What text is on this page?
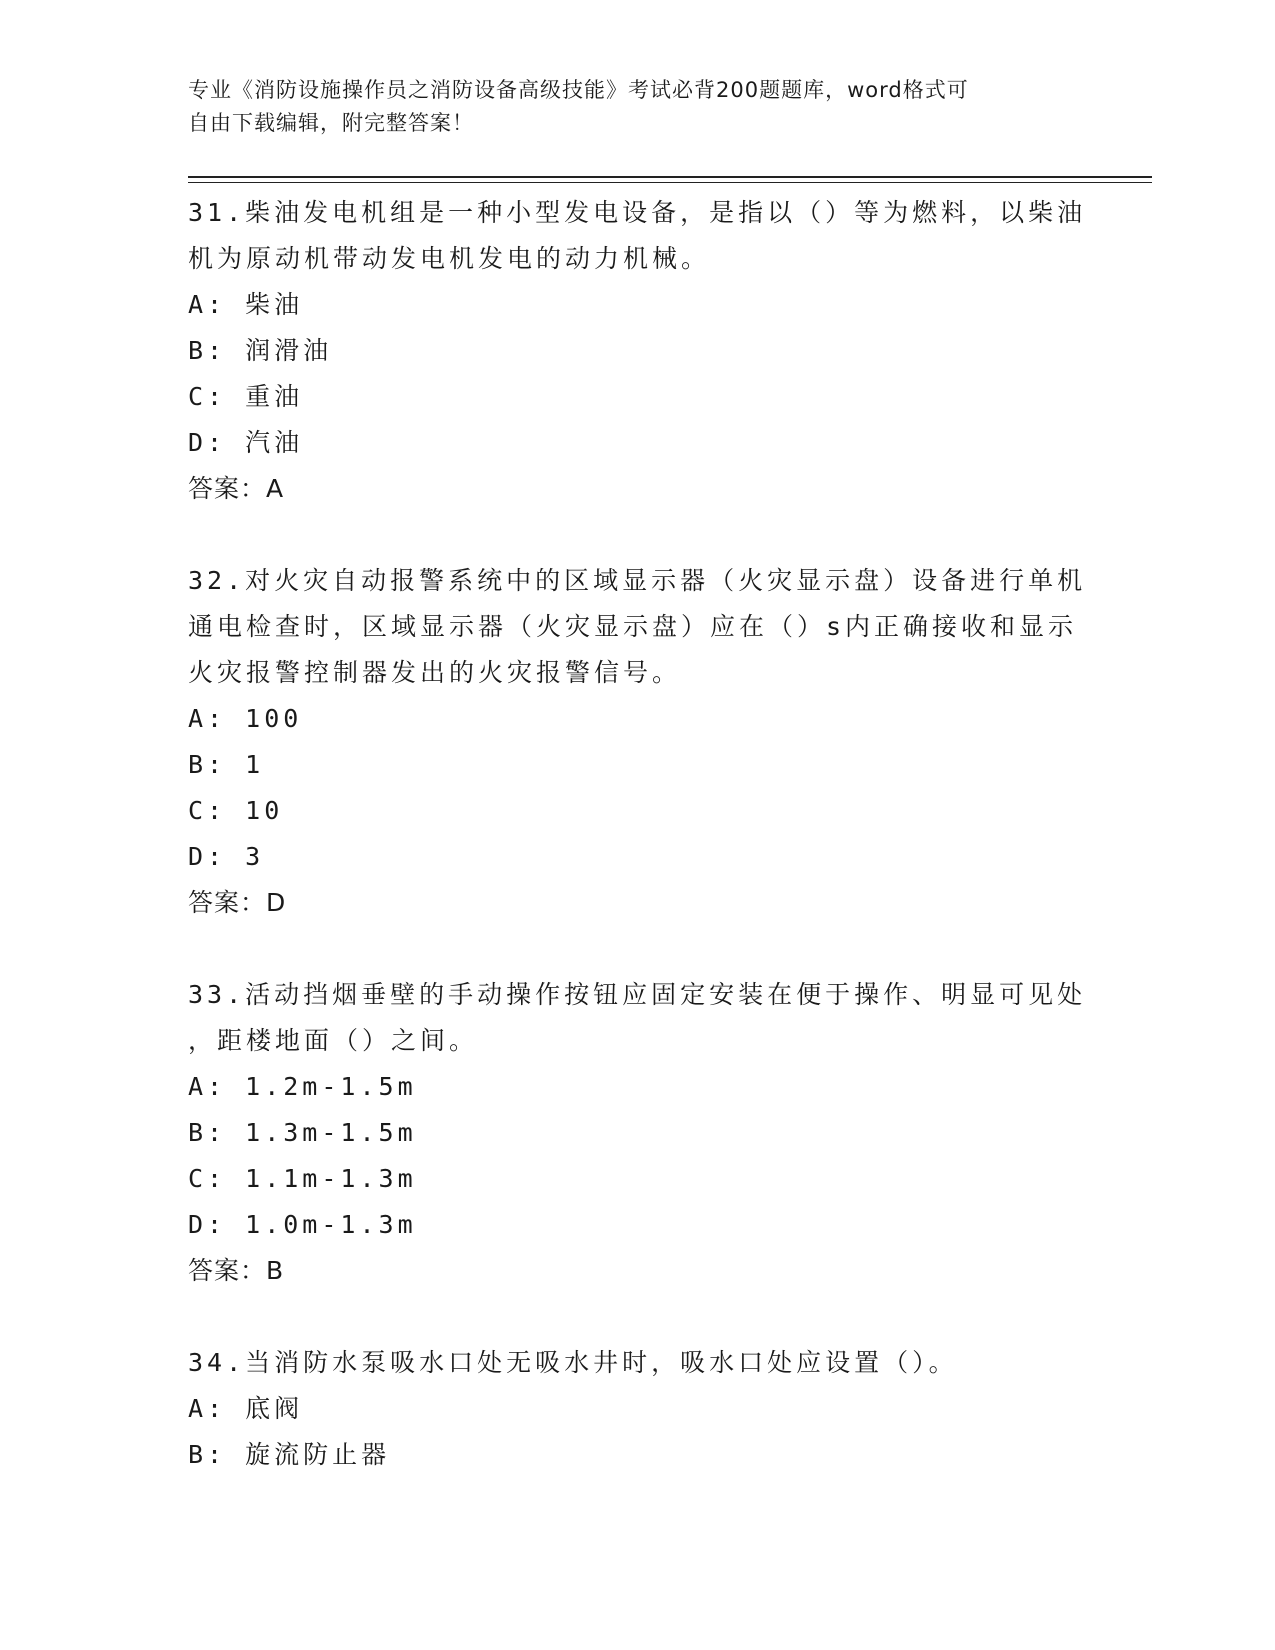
专业《消防设施操作员之消防设备高级技能》考试必背200题题库，word格式可
自由下载编辑，附完整答案！

31.柴油发电机组是一种小型发电设备，是指以（）等为燃料，以柴油

机为原动机带动发电机发电的动力机械。

A: 柴油

B: 润滑油

C: 重油

D: 汽油

答案：A

32.对火灾自动报警系统中的区域显示器（火灾显示盘）设备进行单机

通电检查时，区域显示器（火灾显示盘）应在（）s内正确接收和显示

火灾报警控制器发出的火灾报警信号。

A: 100

B: 1

C: 10

D: 3

答案：D

33.活动挡烟垂壁的手动操作按钮应固定安装在便于操作、明显可见处

，距楼地面（）之间。

A: 1.2m-1.5m

B: 1.3m-1.5m

C: 1.1m-1.3m

D: 1.0m-1.3m

答案：B

34.当消防水泵吸水口处无吸水井时，吸水口处应设置（）。

A: 底阀

B: 旋流防止器
